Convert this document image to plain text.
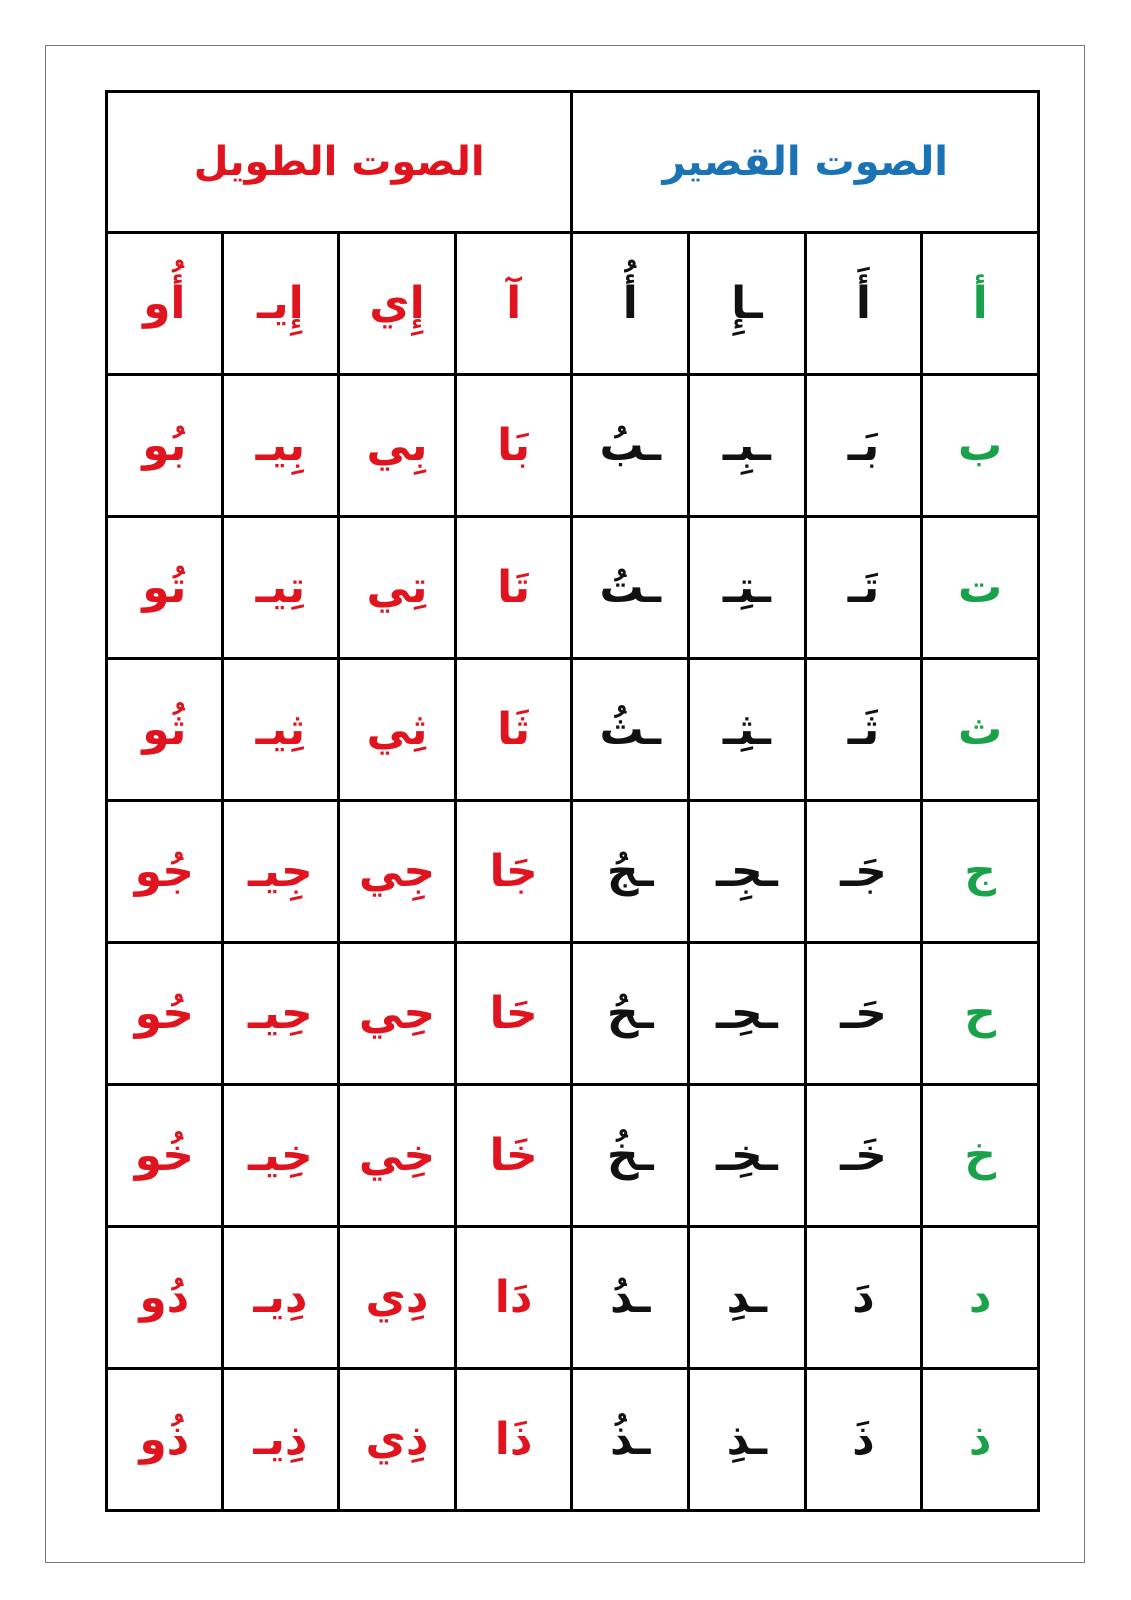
الصوت الطويل				الصوت القصير			
أُو	إِيـ	إِي	آ	أُ	ـإِ	أَ	أ
بُو	بِيـ	بِي	بَا	ـبُ	ـبِـ	بَـ	ب
تُو	تِيـ	تِي	تَا	ـتُ	ـتِـ	تَـ	ت
ثُو	ثِيـ	ثِي	ثَا	ـثُ	ـثِـ	ثَـ	ث
جُو	جِيـ	جِي	جَا	ـجُ	ـجِـ	جَـ	ج
حُو	حِيـ	حِي	حَا	ـحُ	ـحِـ	حَـ	ح
خُو	خِيـ	خِي	خَا	ـخُ	ـخِـ	خَـ	خ
دُو	دِيـ	دِي	دَا	ـدُ	ـدِ	دَ	د
ذُو	ذِيـ	ذِي	ذَا	ـذُ	ـذِ	ذَ	ذ
